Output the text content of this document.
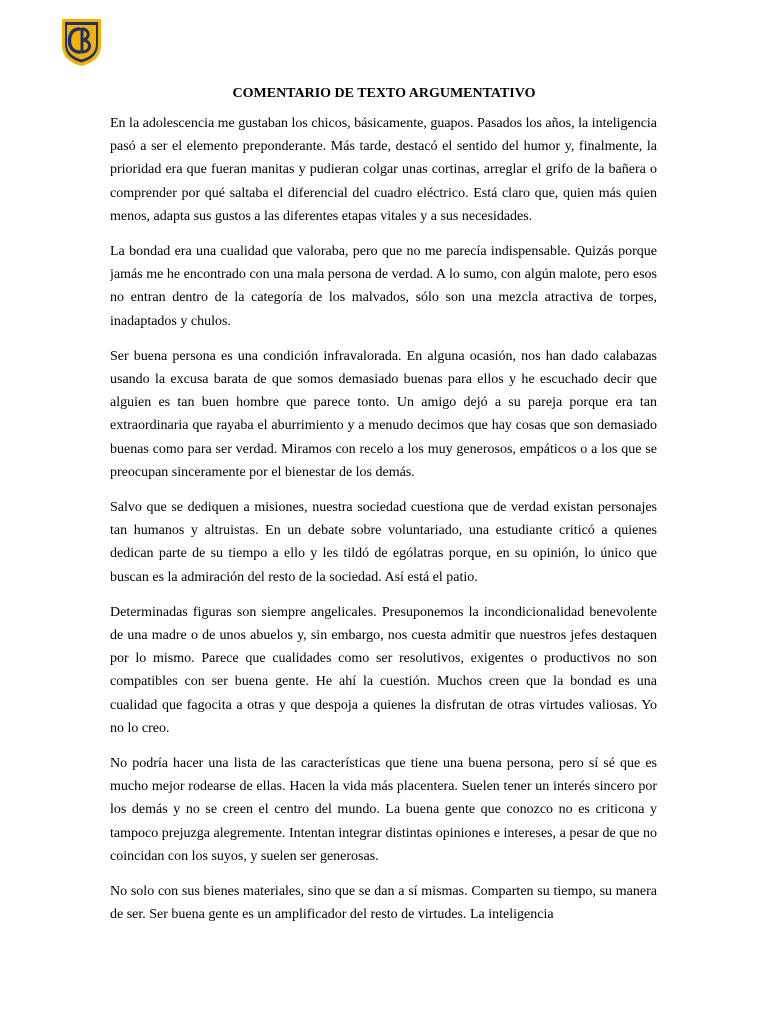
COMENTARIO DE TEXTO ARGUMENTATIVO

En la adolescencia me gustaban los chicos, básicamente, guapos. Pasados los años, la inteligencia pasó a ser el elemento preponderante. Más tarde, destacó el sentido del humor y, finalmente, la prioridad era que fueran manitas y pudieran colgar unas cortinas, arreglar el grifo de la bañera o comprender por qué saltaba el diferencial del cuadro eléctrico. Está claro que, quien más quien menos, adapta sus gustos a las diferentes etapas vitales y a sus necesidades.

La bondad era una cualidad que valoraba, pero que no me parecía indispensable. Quizás porque jamás me he encontrado con una mala persona de verdad. A lo sumo, con algún malote, pero esos no entran dentro de la categoría de los malvados, sólo son una mezcla atractiva de torpes, inadaptados y chulos.

Ser buena persona es una condición infravalorada. En alguna ocasión, nos han dado calabazas usando la excusa barata de que somos demasiado buenas para ellos y he escuchado decir que alguien es tan buen hombre que parece tonto. Un amigo dejó a su pareja porque era tan extraordinaria que rayaba el aburrimiento y a menudo decimos que hay cosas que son demasiado buenas como para ser verdad. Miramos con recelo a los muy generosos, empáticos o a los que se preocupan sinceramente por el bienestar de los demás.

Salvo que se dediquen a misiones, nuestra sociedad cuestiona que de verdad existan personajes tan humanos y altruistas. En un debate sobre voluntariado, una estudiante criticó a quienes dedican parte de su tiempo a ello y les tildó de ególatras porque, en su opinión, lo único que buscan es la admiración del resto de la sociedad. Así está el patio.

Determinadas figuras son siempre angelicales. Presuponemos la incondicionalidad benevolente de una madre o de unos abuelos y, sin embargo, nos cuesta admitir que nuestros jefes destaquen por lo mismo. Parece que cualidades como ser resolutivos, exigentes o productivos no son compatibles con ser buena gente. He ahí la cuestión. Muchos creen que la bondad es una cualidad que fagocita a otras y que despoja a quienes la disfrutan de otras virtudes valiosas. Yo no lo creo.

No podría hacer una lista de las características que tiene una buena persona, pero sí sé que es mucho mejor rodearse de ellas. Hacen la vida más placentera. Suelen tener un interés sincero por los demás y no se creen el centro del mundo. La buena gente que conozco no es criticona y tampoco prejuzga alegremente. Intentan integrar distintas opiniones e intereses, a pesar de que no coincidan con los suyos, y suelen ser generosas.

No solo con sus bienes materiales, sino que se dan a sí mismas. Comparten su tiempo, su manera de ser. Ser buena gente es un amplificador del resto de virtudes. La inteligencia
